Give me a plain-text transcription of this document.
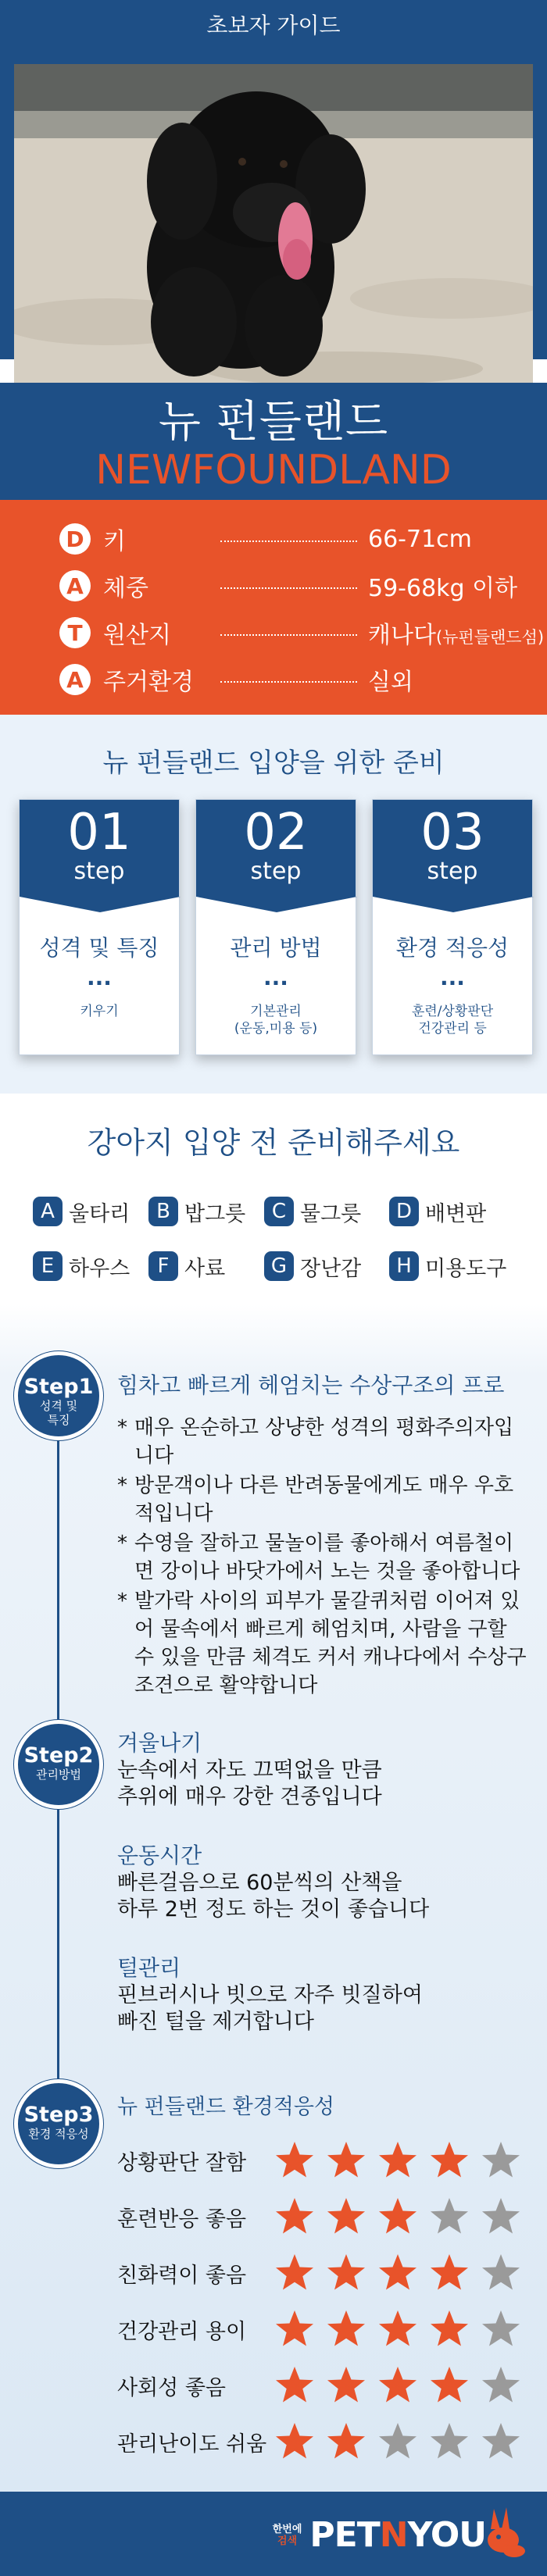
초보자 가이드
뉴 펀들랜드
NEWFOUNDLAND
D 키	66-71cm
A 체중	59-68kg 이하
T 원산지	캐나다(뉴펀들랜드섬)
A 주거환경	실외
뉴 펀들랜드 입양을 위한 준비
01
step
성격 및 특징
...
키우기
02
step
관리 방법
...
기본관리
(운동,미용 등)
03
step
환경 적응성
...
훈련/상황판단
건강관리 등
강아지 입양 전 준비해주세요
A 울타리	B 밥그릇	C 물그릇	D 배변판
E 하우스	F 사료	G 장난감	H 미용도구
Step1
성격 및
특징
힘차고 빠르게 헤엄치는 수상구조의 프로
* 매우 온순하고 상냥한 성격의 평화주의자입니다
* 방문객이나 다른 반려동물에게도 매우 우호적입니다
* 수영을 잘하고 물놀이를 좋아해서 여름철이면 강이나 바닷가에서 노는 것을 좋아합니다
* 발가락 사이의 피부가 물갈퀴처럼 이어져 있어 물속에서 빠르게 헤엄치며, 사람을 구할 수 있을 만큼 체격도 커서 캐나다에서 수상구조견으로 활약합니다
Step2
관리방법
겨울나기
눈속에서 자도 끄떡없을 만큼
추위에 매우 강한 견종입니다
운동시간
빠른걸음으로 60분씩의 산책을
하루 2번 정도 하는 것이 좋습니다
털관리
핀브러시나 빗으로 자주 빗질하여
빠진 털을 제거합니다
Step3
환경 적응성
뉴 펀들랜드 환경적응성
상황판단 잘함
훈련반응 좋음
친화력이 좋음
건강관리 용이
사회성 좋음
관리난이도 쉬움
한번에
검색 PETNYOU
